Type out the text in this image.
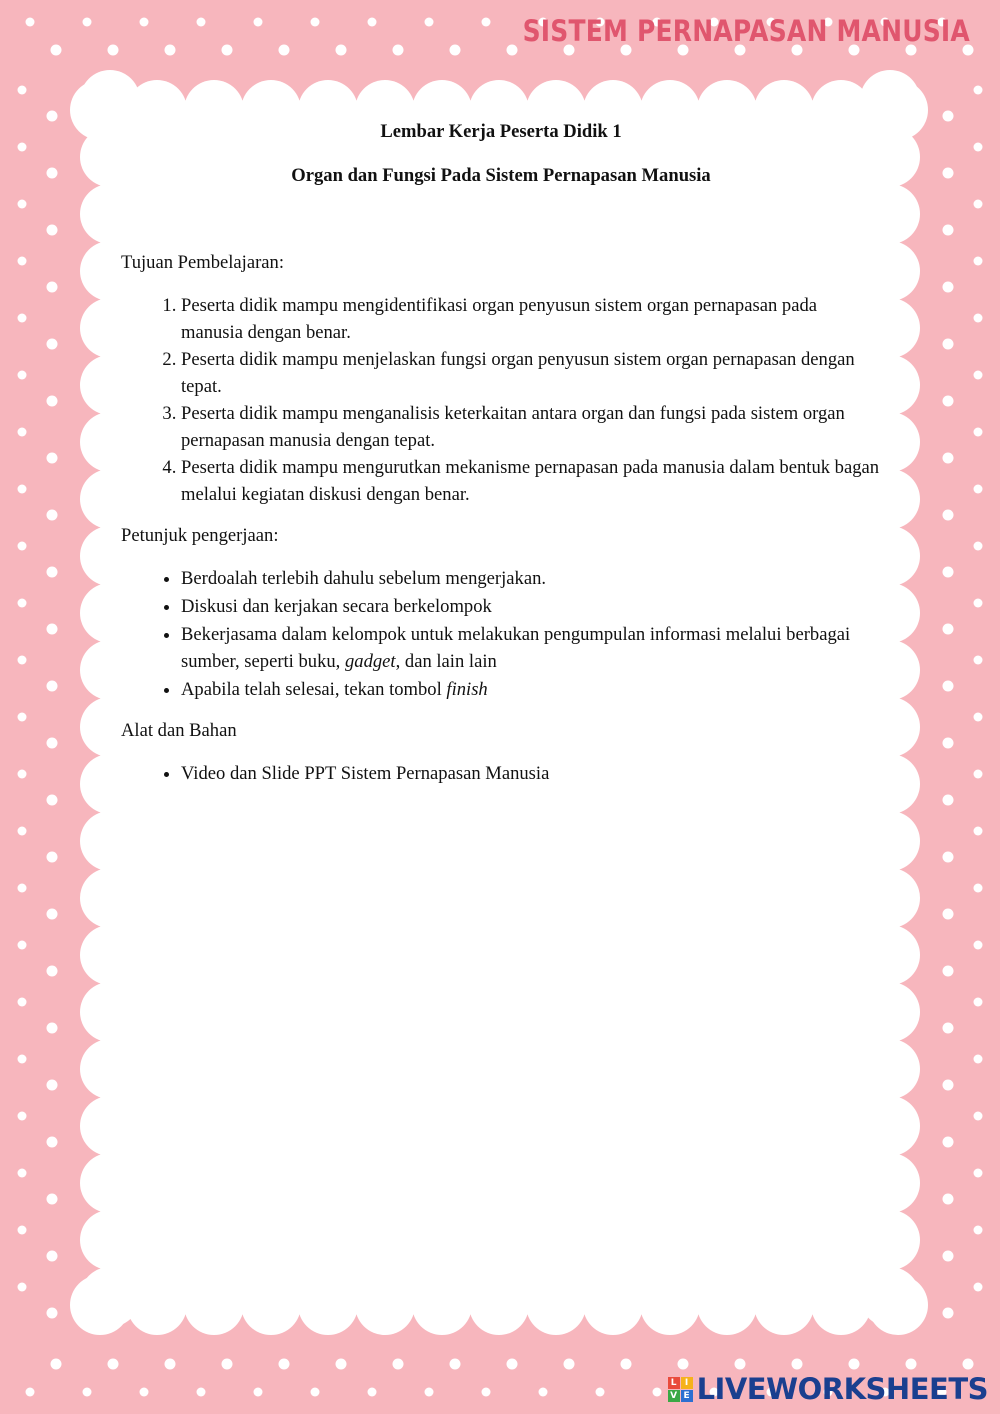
SISTEM PERNAPASAN MANUSIA

Lembar Kerja Peserta Didik 1

Organ dan Fungsi Pada Sistem Pernapasan Manusia

Tujuan Pembelajaran:

1. Peserta didik mampu mengidentifikasi organ penyusun sistem organ pernapasan pada manusia dengan benar.
2. Peserta didik mampu menjelaskan fungsi organ penyusun sistem organ pernapasan dengan tepat.
3. Peserta didik mampu menganalisis keterkaitan antara organ dan fungsi pada sistem organ pernapasan manusia dengan tepat.
4. Peserta didik mampu mengurutkan mekanisme pernapasan pada manusia dalam bentuk bagan melalui kegiatan diskusi dengan benar.

Petunjuk pengerjaan:

• Berdoalah terlebih dahulu sebelum mengerjakan.
• Diskusi dan kerjakan secara berkelompok
• Bekerjasama dalam kelompok untuk melakukan pengumpulan informasi melalui berbagai sumber, seperti buku, gadget, dan lain lain
• Apabila telah selesai, tekan tombol finish

Alat dan Bahan

• Video dan Slide PPT Sistem Pernapasan Manusia
L I
V E LIVEWORKSHEETS
